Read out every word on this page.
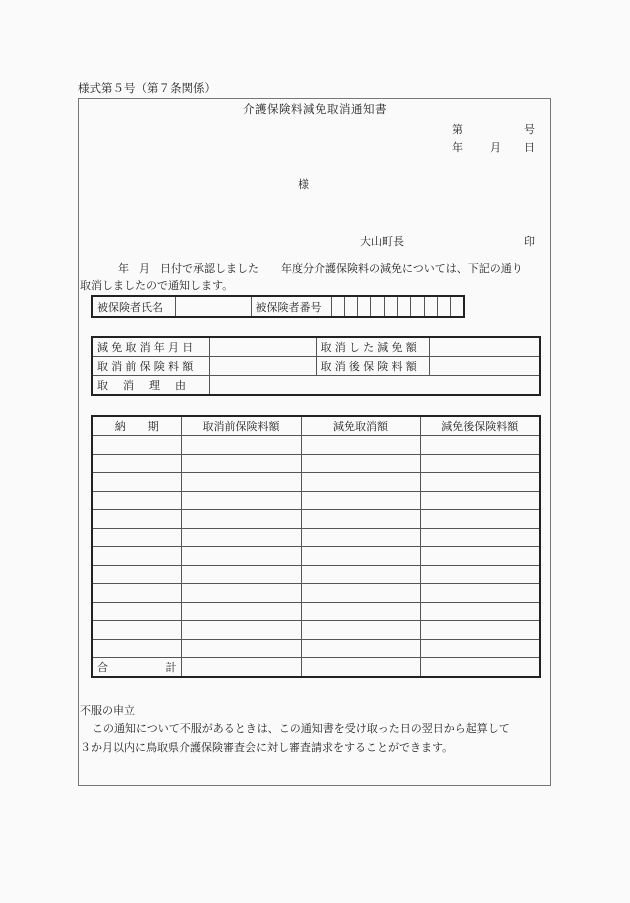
様式第５号（第７条関係）
介護保険料減免取消通知書
第	号
年 月 日
様
大山町長	印
年 月 日付で承認しました 年度分介護保険料の減免については、下記の通り
取消しましたので通知します。
被保険者氏名		被保険者番号										
減免取消年月日		取消した減免額	
取消前保険料額		取消後保険料額	
取　消　理　由			
納　　期	取消前保険料額	減免取消額	減免後保険料額

合 計			

不服の申立
この通知について不服があるときは、この通知書を受け取った日の翌日から起算して
３か月以内に鳥取県介護保険審査会に対し審査請求をすることができます。
